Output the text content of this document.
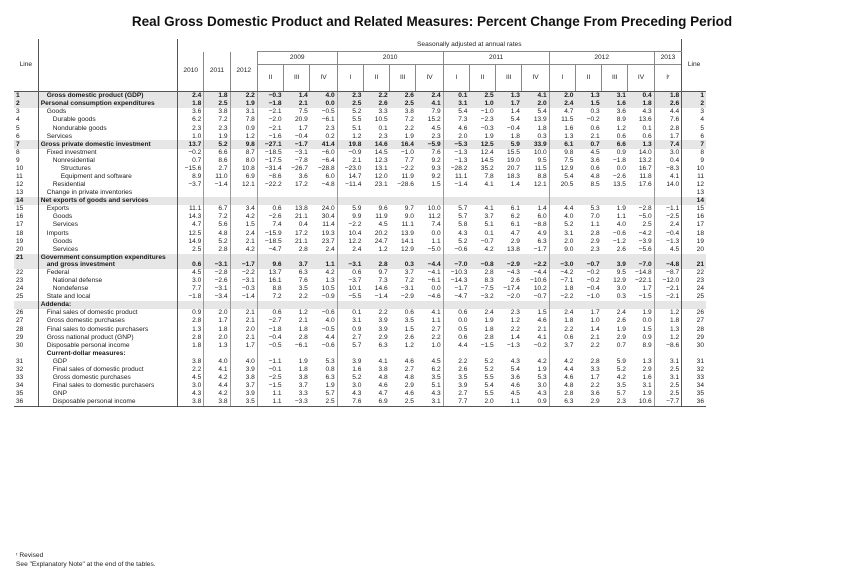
Real Gross Domestic Product and Related Measures: Percent Change From Preceding Period
Line					Seasonally adjusted at annual rates																Line
		2010	2011	2012	2009			2010				2011				2012				2013	
					II	III	IV	I	II	III	IV	I	II	III	IV	I	II	III	IV	Iʳ	
1	Gross domestic product (GDP)	2.4	1.8	2.2	−0.3	1.4	4.0	2.3	2.2	2.6	2.4	0.1	2.5	1.3	4.1	2.0	1.3	3.1	0.4	1.8	1
2	Personal consumption expenditures	1.8	2.5	1.9	−1.8	2.1	0.0	2.5	2.6	2.5	4.1	3.1	1.0	1.7	2.0	2.4	1.5	1.6	1.8	2.6	2
3	Goods	3.6	3.8	3.1	−2.1	7.5	−0.5	5.2	3.3	3.8	7.9	5.4	−1.0	1.4	5.4	4.7	0.3	3.6	4.3	4.4	3
4	Durable goods	6.2	7.2	7.8	−2.0	20.9	−6.1	5.5	10.5	7.2	15.2	7.3	−2.3	5.4	13.9	11.5	−0.2	8.9	13.6	7.6	4
5	Nondurable goods	2.3	2.3	0.9	−2.1	1.7	2.3	5.1	0.1	2.2	4.5	4.6	−0.3	−0.4	1.8	1.6	0.6	1.2	0.1	2.8	5
6	Services	1.0	1.9	1.2	−1.6	−0.4	0.2	1.2	2.3	1.9	2.3	2.0	1.9	1.8	0.3	1.3	2.1	0.6	0.6	1.7	6
7	Gross private domestic investment	13.7	5.2	9.8	−27.1	−1.7	41.4	19.8	14.6	16.4	−5.9	−5.3	12.5	5.9	33.9	6.1	0.7	6.6	1.3	7.4	7
8	Fixed investment	−0.2	6.6	8.7	−18.5	−3.1	−6.0	−0.9	14.5	−1.0	7.6	−1.3	12.4	15.5	10.0	9.8	4.5	0.9	14.0	3.0	8
9	Nonresidential	0.7	8.6	8.0	−17.5	−7.8	−6.4	2.1	12.3	7.7	9.2	−1.3	14.5	19.0	9.5	7.5	3.6	−1.8	13.2	0.4	9
10	Structures	−15.6	2.7	10.8	−31.4	−26.7	−28.8	−23.0	13.1	−2.2	9.3	−28.2	35.2	20.7	11.5	12.9	0.6	0.0	16.7	−8.3	10
11	Equipment and software	8.9	11.0	6.9	−8.6	3.6	6.0	14.7	12.0	11.9	9.2	11.1	7.8	18.3	8.8	5.4	4.8	−2.6	11.8	4.1	11
12	Residential	−3.7	−1.4	12.1	−22.2	17.2	−4.8	−11.4	23.1	−28.6	1.5	−1.4	4.1	1.4	12.1	20.5	8.5	13.5	17.6	14.0	12
13	Change in private inventories																				13
14	Net exports of goods and services																				14
15	Exports	11.1	6.7	3.4	0.6	13.8	24.0	5.9	9.6	9.7	10.0	5.7	4.1	6.1	1.4	4.4	5.3	1.9	−2.8	−1.1	15
16	Goods	14.3	7.2	4.2	−2.6	21.1	30.4	9.9	11.9	9.0	11.2	5.7	3.7	6.2	6.0	4.0	7.0	1.1	−5.0	−2.5	16
17	Services	4.7	5.6	1.5	7.4	0.4	11.4	−2.2	4.5	11.1	7.4	5.8	5.1	6.1	−8.8	5.2	1.1	4.0	2.5	2.4	17
18	Imports	12.5	4.8	2.4	−15.9	17.2	19.3	10.4	20.2	13.9	0.0	4.3	0.1	4.7	4.9	3.1	2.8	−0.6	−4.2	−0.4	18
19	Goods	14.9	5.2	2.1	−18.5	21.1	23.7	12.2	24.7	14.1	1.1	5.2	−0.7	2.9	6.3	2.0	2.9	−1.2	−3.9	−1.3	19
20	Services	2.5	2.8	4.2	−4.7	2.8	2.4	2.4	1.2	12.9	−5.0	−0.6	4.2	13.8	−1.7	9.0	2.3	2.6	−5.6	4.5	20
21	Government consumption expenditures
and gross investment	0.6	−3.1	−1.7	9.6	3.7	1.1	−3.1	2.8	0.3	−4.4	−7.0	−0.8	−2.9	−2.2	−3.0	−0.7	3.9	−7.0	−4.8	21
22	Federal	4.5	−2.8	−2.2	13.7	6.3	4.2	0.6	9.7	3.7	−4.1	−10.3	2.8	−4.3	−4.4	−4.2	−0.2	9.5	−14.8	−8.7	22
23	National defense	3.0	−2.6	−3.1	16.1	7.6	1.3	−3.7	7.3	7.2	−6.1	−14.3	8.3	2.6	−10.6	−7.1	−0.2	12.9	−22.1	−12.0	23
24	Nondefense	7.7	−3.1	−0.3	8.8	3.5	10.5	10.1	14.6	−3.1	0.0	−1.7	−7.5	−17.4	10.2	1.8	−0.4	3.0	1.7	−2.1	24
25	State and local	−1.8	−3.4	−1.4	7.2	2.2	−0.9	−5.5	−1.4	−2.9	−4.6	−4.7	−3.2	−2.0	−0.7	−2.2	−1.0	0.3	−1.5	−2.1	25
	Addenda:																				
26	Final sales of domestic product	0.9	2.0	2.1	0.6	1.2	−0.6	0.1	2.2	0.6	4.1	0.6	2.4	2.3	1.5	2.4	1.7	2.4	1.9	1.2	26
27	Gross domestic purchases	2.8	1.7	2.1	−2.7	2.1	4.0	3.1	3.9	3.5	1.1	0.0	1.9	1.2	4.6	1.8	1.0	2.6	0.0	1.8	27
28	Final sales to domestic purchasers	1.3	1.8	2.0	−1.8	1.8	−0.5	0.9	3.9	1.5	2.7	0.5	1.8	2.2	2.1	2.2	1.4	1.9	1.5	1.3	28
29	Gross national product (GNP)	2.8	2.0	2.1	−0.4	2.8	4.4	2.7	2.9	2.6	2.2	0.6	2.8	1.4	4.1	0.6	2.1	2.9	0.9	1.2	29
30	Disposable personal income	1.8	1.3	1.7	−0.5	−6.1	−0.6	5.7	6.3	1.2	1.0	4.4	−1.5	−1.3	−0.2	3.7	2.2	0.7	8.9	−8.6	30
	Current-dollar measures:																				
31	GDP	3.8	4.0	4.0	−1.1	1.9	5.3	3.9	4.1	4.6	4.5	2.2	5.2	4.3	4.2	4.2	2.8	5.9	1.3	3.1	31
32	Final sales of domestic product	2.2	4.1	3.9	−0.1	1.8	0.8	1.6	3.8	2.7	6.2	2.6	5.2	5.4	1.9	4.4	3.3	5.2	2.9	2.5	32
33	Gross domestic purchases	4.5	4.2	3.8	−2.5	3.8	6.3	5.2	4.8	4.8	3.5	3.5	5.5	3.6	5.3	4.6	1.7	4.2	1.6	3.1	33
34	Final sales to domestic purchasers	3.0	4.4	3.7	−1.5	3.7	1.9	3.0	4.6	2.9	5.1	3.9	5.4	4.6	3.0	4.8	2.2	3.5	3.1	2.5	34
35	GNP	4.3	4.2	3.9	1.1	3.3	5.7	4.3	4.7	4.6	4.3	2.7	5.5	4.5	4.3	2.8	3.6	5.7	1.9	2.5	35
36	Disposable personal income	3.8	3.8	3.5	1.1	−3.3	2.5	7.6	6.9	2.5	3.1	7.7	2.0	1.1	0.9	6.3	2.9	2.3	10.6	−7.7	36
ʳ Revised
See "Explanatory Note" at the end of the tables.
